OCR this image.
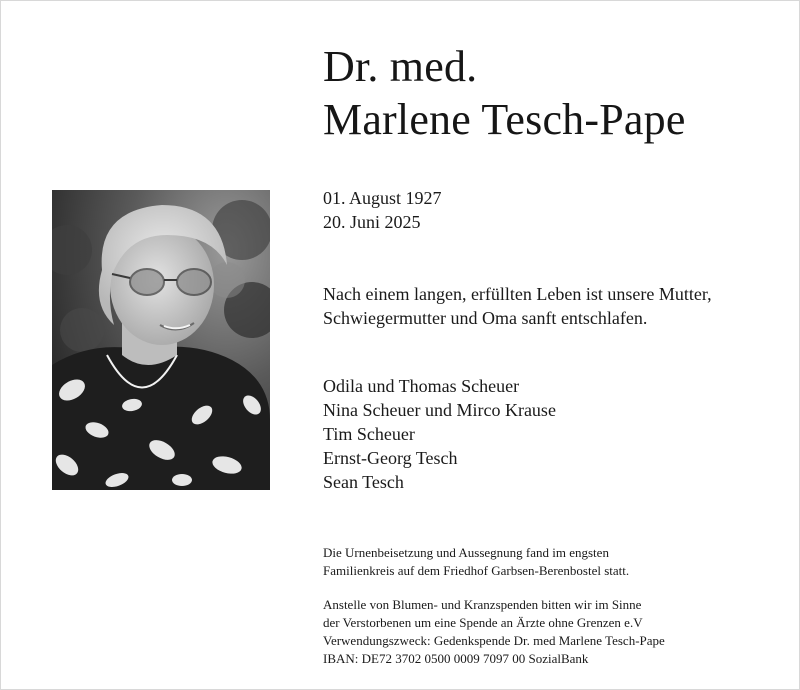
Dr. med.
Marlene Tesch-Pape
01. August 1927
20. Juni 2025
Nach einem langen, erfüllten Leben ist unsere Mutter,
Schwiegermutter und Oma sanft entschlafen.
Odila und Thomas Scheuer
Nina Scheuer und Mirco Krause
Tim Scheuer
Ernst-Georg Tesch
Sean Tesch
Die Urnenbeisetzung und Aussegnung fand im engsten
Familienkreis auf dem Friedhof Garbsen-Berenbostel statt.
Anstelle von Blumen- und Kranzspenden bitten wir im Sinne
der Verstorbenen um eine Spende an Ärzte ohne Grenzen e.V
Verwendungszweck: Gedenkspende Dr. med Marlene Tesch-Pape
IBAN: DE72 3702 0500 0009 7097 00 SozialBank
